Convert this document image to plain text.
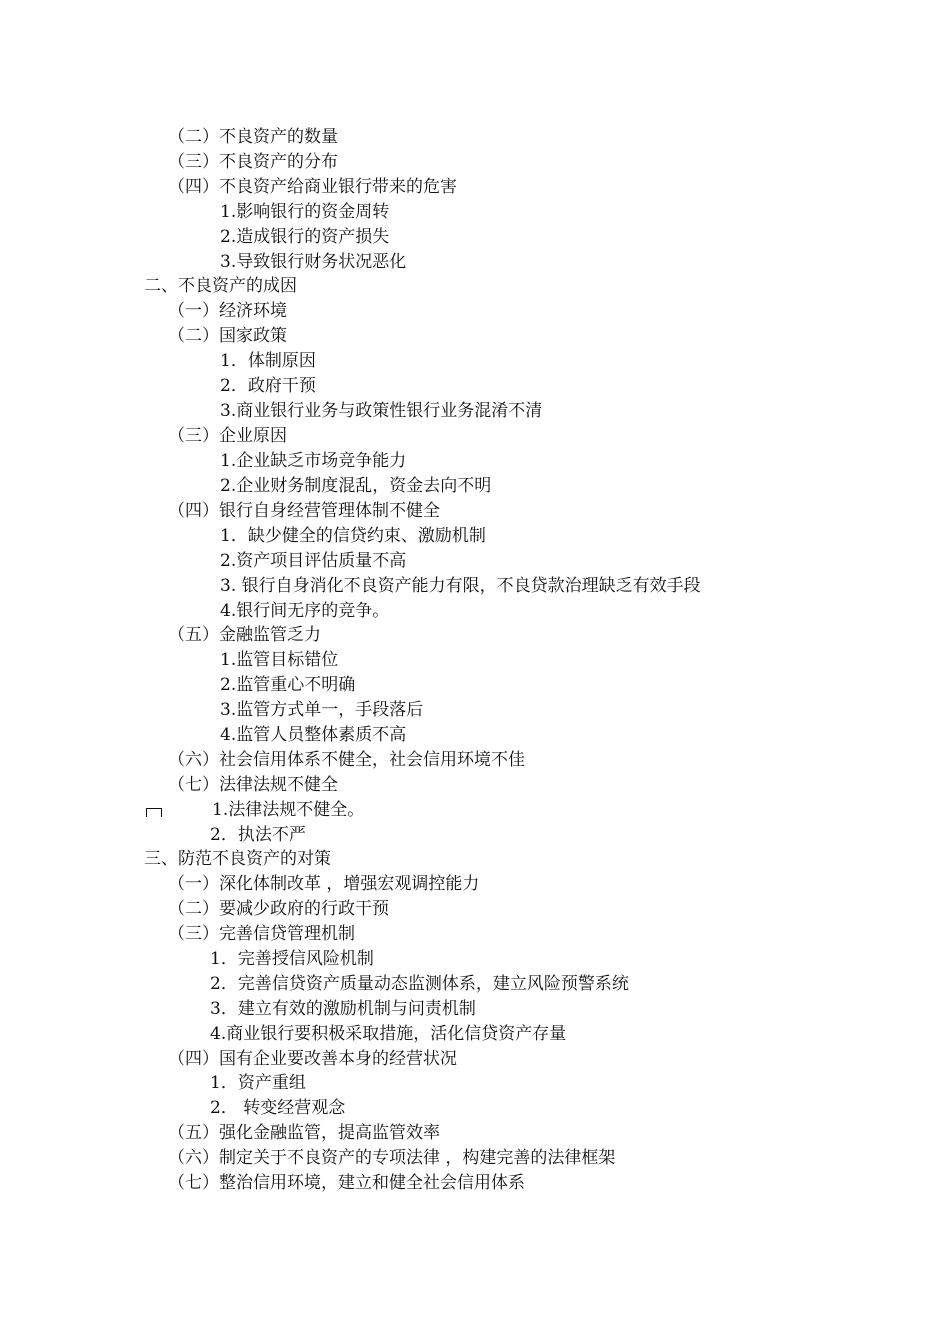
（二）不良资产的数量
（三）不良资产的分布
（四）不良资产给商业银行带来的危害
1.影响银行的资金周转
2.造成银行的资产损失
3.导致银行财务状况恶化
二、不良资产的成因
（一）经济环境
（二）国家政策
1．体制原因
2．政府干预
3.商业银行业务与政策性银行业务混淆不清
（三）企业原因
1.企业缺乏市场竞争能力
2.企业财务制度混乱，资金去向不明
（四）银行自身经营管理体制不健全
1．缺少健全的信贷约束、激励机制
2.资产项目评估质量不高
3. 银行自身消化不良资产能力有限，不良贷款治理缺乏有效手段
4.银行间无序的竞争。
（五）金融监管乏力
1.监管目标错位
2.监管重心不明确
3.监管方式单一，手段落后
4.监管人员整体素质不高
（六）社会信用体系不健全，社会信用环境不佳
（七）法律法规不健全
1.法律法规不健全。
2．执法不严
三、防范不良资产的对策
（一）深化体制改革 ，增强宏观调控能力
（二）要减少政府的行政干预
（三）完善信贷管理机制
1．完善授信风险机制
2．完善信贷资产质量动态监测体系，建立风险预警系统
3．建立有效的激励机制与问责机制
4.商业银行要积极采取措施，活化信贷资产存量
（四）国有企业要改善本身的经营状况
1．资产重组
2． 转变经营观念
（五）强化金融监管，提高监管效率
（六）制定关于不良资产的专项法律 ，构建完善的法律框架
（七）整治信用环境，建立和健全社会信用体系
